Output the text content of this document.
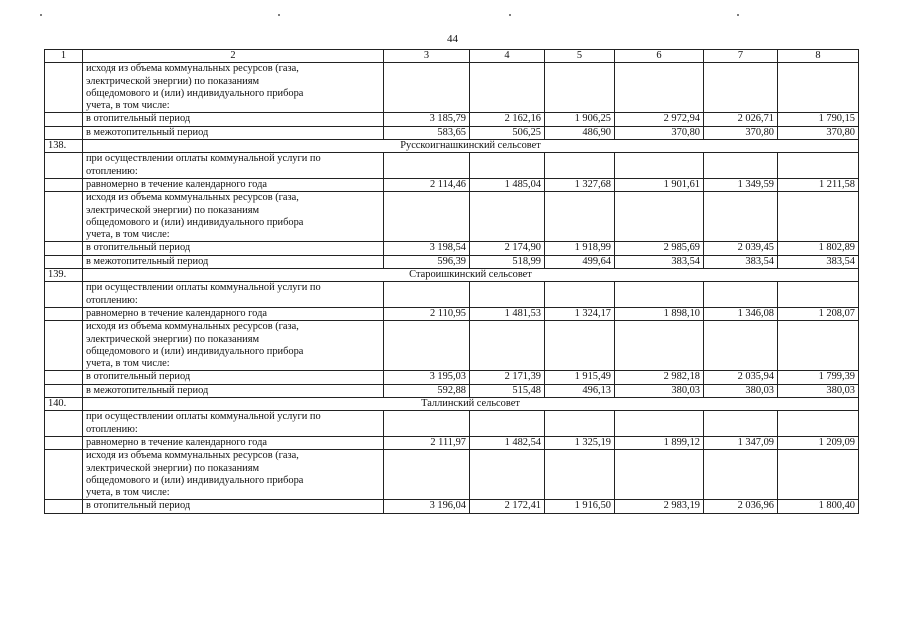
44
1	2	3	4	5	6	7	8

	исходя из объема коммунальных ресурсов (газа,
электрической энергии) по показаниям
общедомового и (или) индивидуального прибора
учета, в том числе:						

	в отопительный период	3 185,79	2 162,16	1 906,25	2 972,94	2 026,71	1 790,15
	в межотопительный период	583,65	506,25	486,90	370,80	370,80	370,80
138.	Русскоигнашкинский сельсовет						

	при осуществлении оплаты коммунальной услуги по
отоплению:						

	равномерно в течение календарного года	2 114,46	1 485,04	1 327,68	1 901,61	1 349,59	1 211,58

	исходя из объема коммунальных ресурсов (газа,
электрической энергии) по показаниям
общедомового и (или) индивидуального прибора
учета, в том числе:						

	в отопительный период	3 198,54	2 174,90	1 918,99	2 985,69	2 039,45	1 802,89
	в межотопительный период	596,39	518,99	499,64	383,54	383,54	383,54
139.	Староишкинский сельсовет						

	при осуществлении оплаты коммунальной услуги по
отоплению:						

	равномерно в течение календарного года	2 110,95	1 481,53	1 324,17	1 898,10	1 346,08	1 208,07

	исходя из объема коммунальных ресурсов (газа,
электрической энергии) по показаниям
общедомового и (или) индивидуального прибора
учета, в том числе:						

	в отопительный период	3 195,03	2 171,39	1 915,49	2 982,18	2 035,94	1 799,39
	в межотопительный период	592,88	515,48	496,13	380,03	380,03	380,03
140.	Таллинский сельсовет						

	при осуществлении оплаты коммунальной услуги по
отоплению:						

	равномерно в течение календарного года	2 111,97	1 482,54	1 325,19	1 899,12	1 347,09	1 209,09

	исходя из объема коммунальных ресурсов (газа,
электрической энергии) по показаниям
общедомового и (или) индивидуального прибора
учета, в том числе:						

	в отопительный период	3 196,04	2 172,41	1 916,50	2 983,19	2 036,96	1 800,40
